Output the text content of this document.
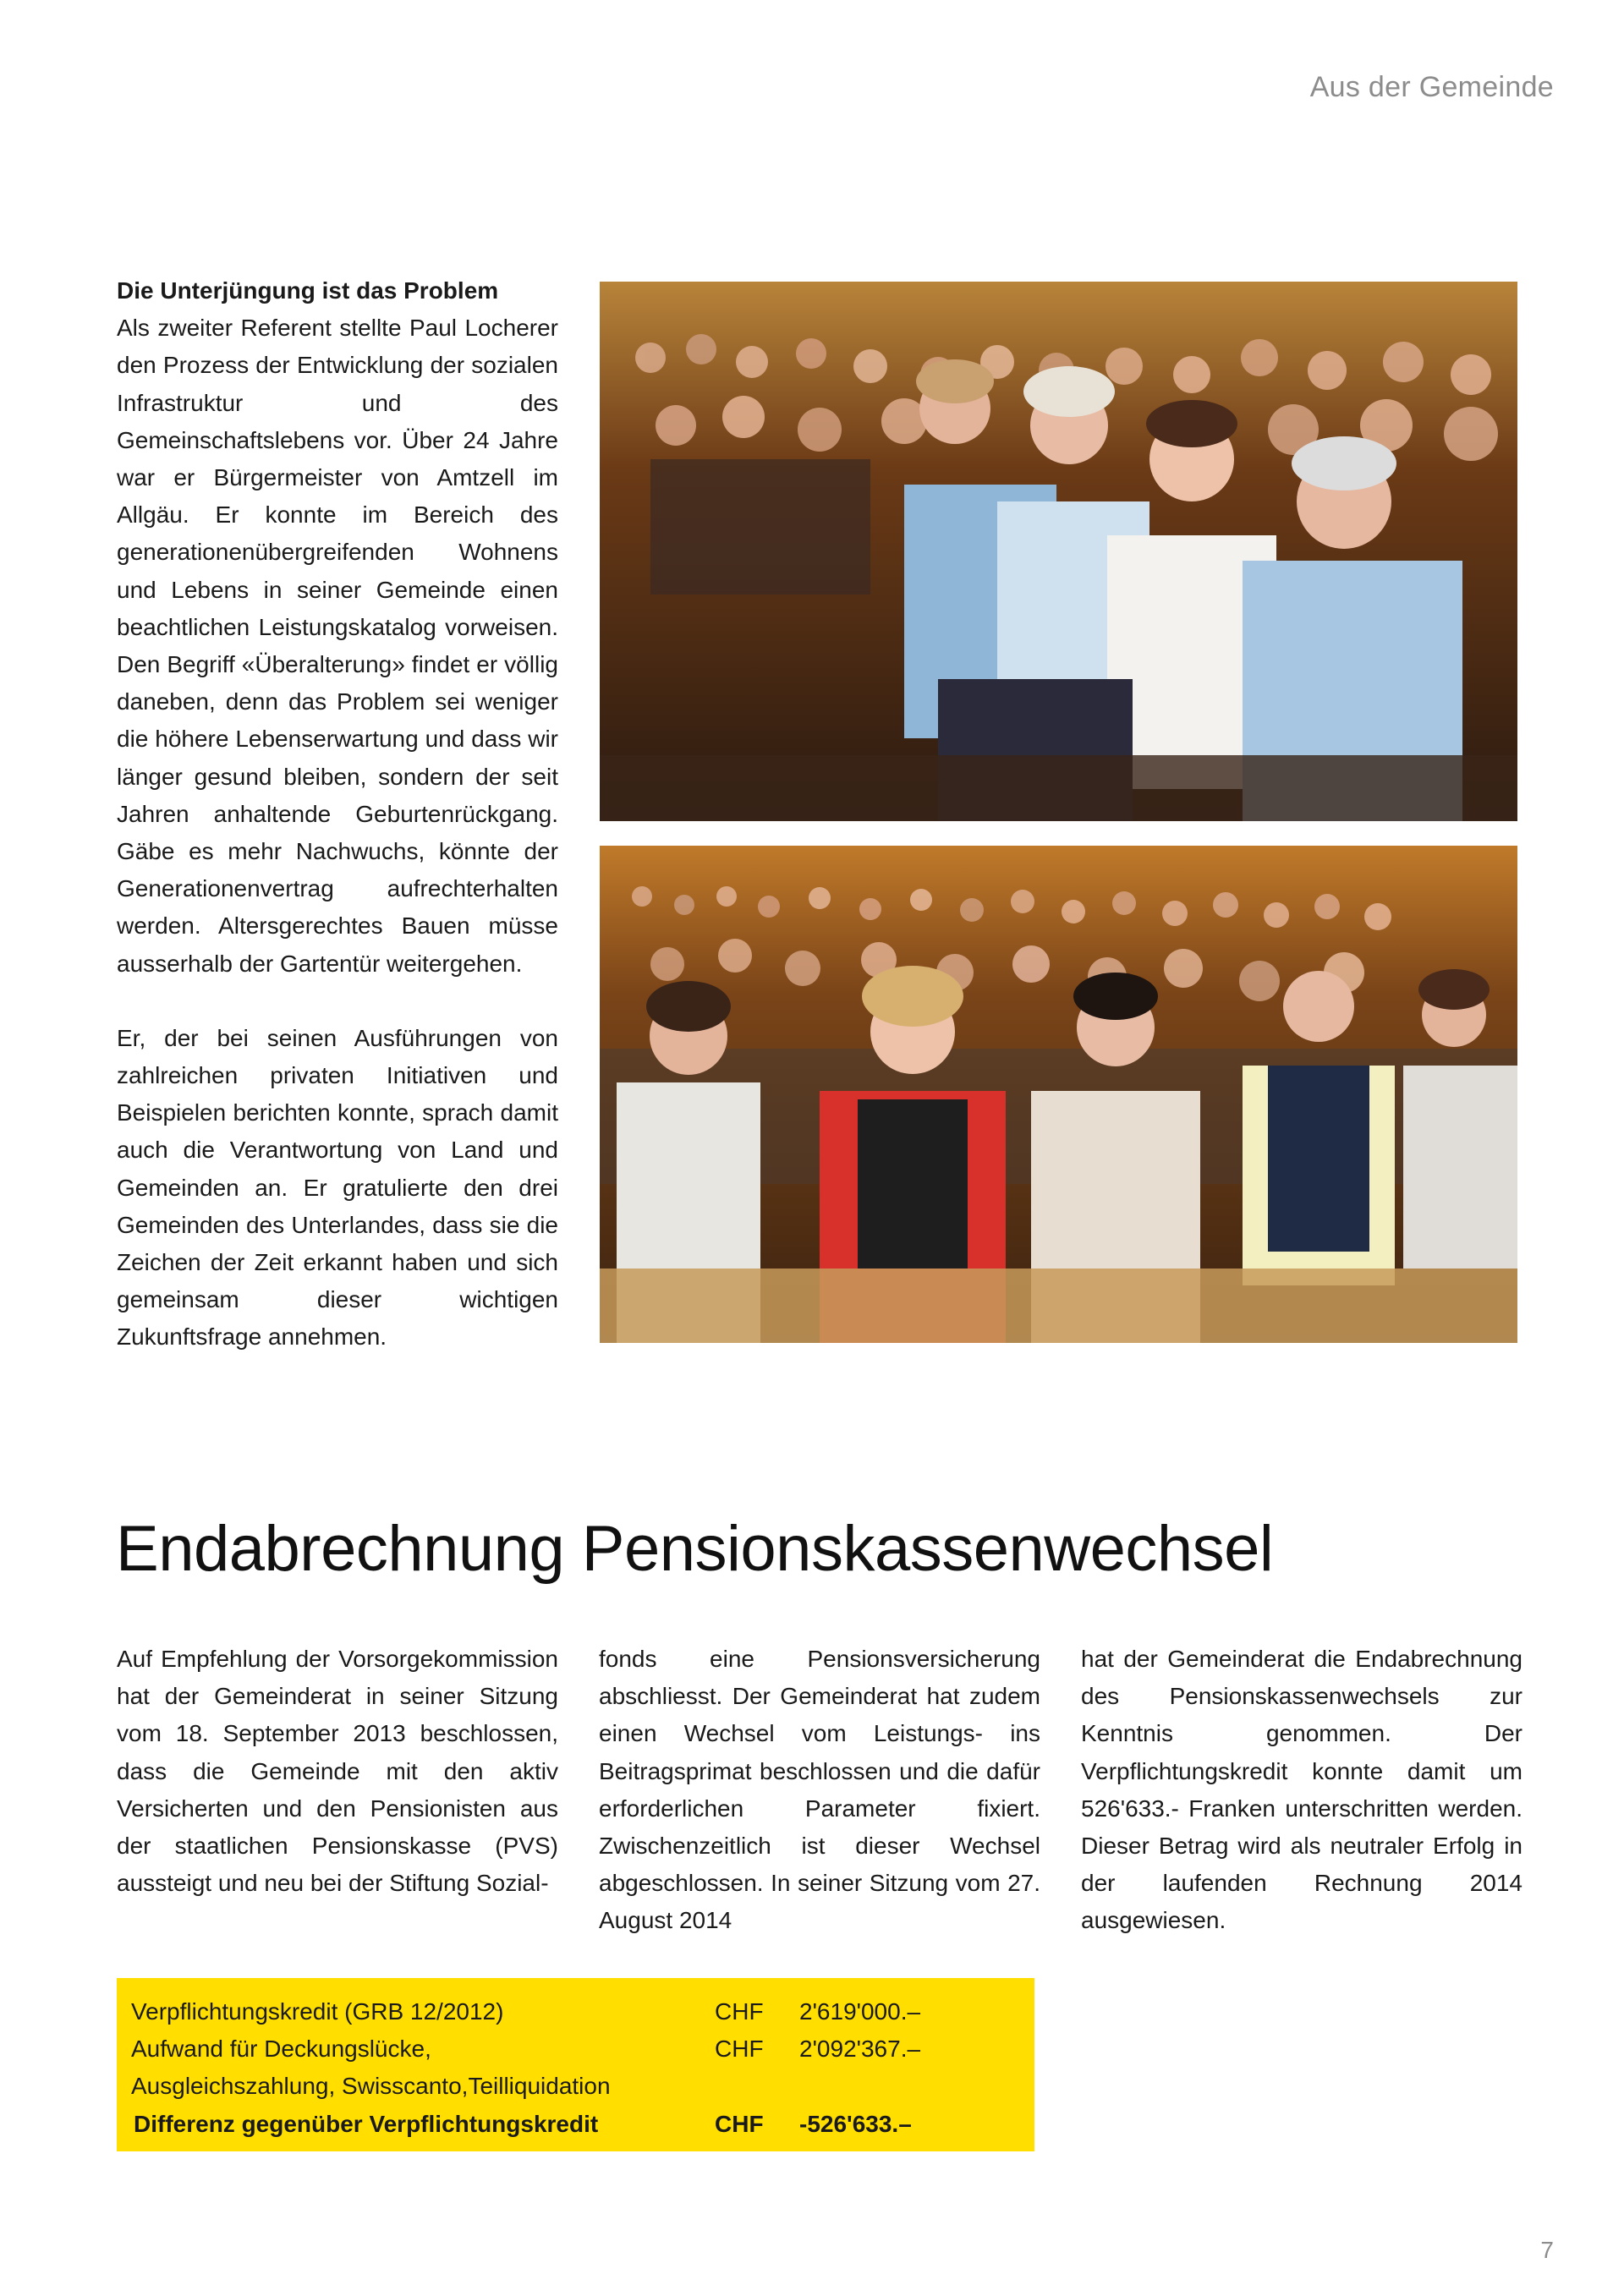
Aus der Gemeinde
Die Unterjüngung ist das Problem

Als zweiter Referent stellte Paul Locherer den Prozess der Entwicklung der sozialen Infrastruktur und des Gemeinschaftslebens vor. Über 24 Jahre war er Bürgermeister von Amtzell im Allgäu. Er konnte im Bereich des generationenübergreifenden Wohnens und Lebens in seiner Gemeinde einen beachtlichen Leistungskatalog vorweisen. Den Begriff «Überalterung» findet er völlig daneben, denn das Problem sei weniger die höhere Lebenserwartung und dass wir länger gesund bleiben, sondern der seit Jahren anhaltende Geburtenrückgang. Gäbe es mehr Nachwuchs, könnte der Generationenvertrag aufrechterhalten werden. Altersgerechtes Bauen müsse ausserhalb der Gartentür weitergehen.

Er, der bei seinen Ausführungen von zahlreichen privaten Initiativen und Beispielen berichten konnte, sprach damit auch die Verantwortung von Land und Gemeinden an. Er gratulierte den drei Gemeinden des Unterlandes, dass sie die Zeichen der Zeit erkannt haben und sich gemeinsam dieser wichtigen Zukunftsfrage annehmen.

Endabrechnung Pensionskassenwechsel

Auf Empfehlung der Vorsorgekommission hat der Gemeinderat in seiner Sitzung vom 18. September 2013 beschlossen, dass die Gemeinde mit den aktiv Versicherten und den Pensionisten aus der staatlichen Pensionskasse (PVS) aussteigt und neu bei der Stiftung Sozial-

fonds eine Pensionsversicherung abschliesst. Der Gemeinderat hat zudem einen Wechsel vom Leistungs- ins Beitragsprimat beschlossen und die dafür erforderlichen Parameter fixiert. Zwischenzeitlich ist dieser Wechsel abgeschlossen. In seiner Sitzung vom 27. August 2014

hat der Gemeinderat die Endabrechnung des Pensionskassenwechsels zur Kenntnis genommen. Der Verpflichtungskredit konnte damit um 526'633.- Franken unterschritten werden. Dieser Betrag wird als neutraler Erfolg in der laufenden Rechnung 2014 ausgewiesen.

Verpflichtungskredit (GRB 12/2012)	CHF 2'619'000.–
Aufwand für Deckungslücke,	CHF 2'092'367.–
Ausgleichszahlung, Swisscanto,Teilliquidation
Differenz gegenüber Verpflichtungskredit	CHF -526'633.–
7
